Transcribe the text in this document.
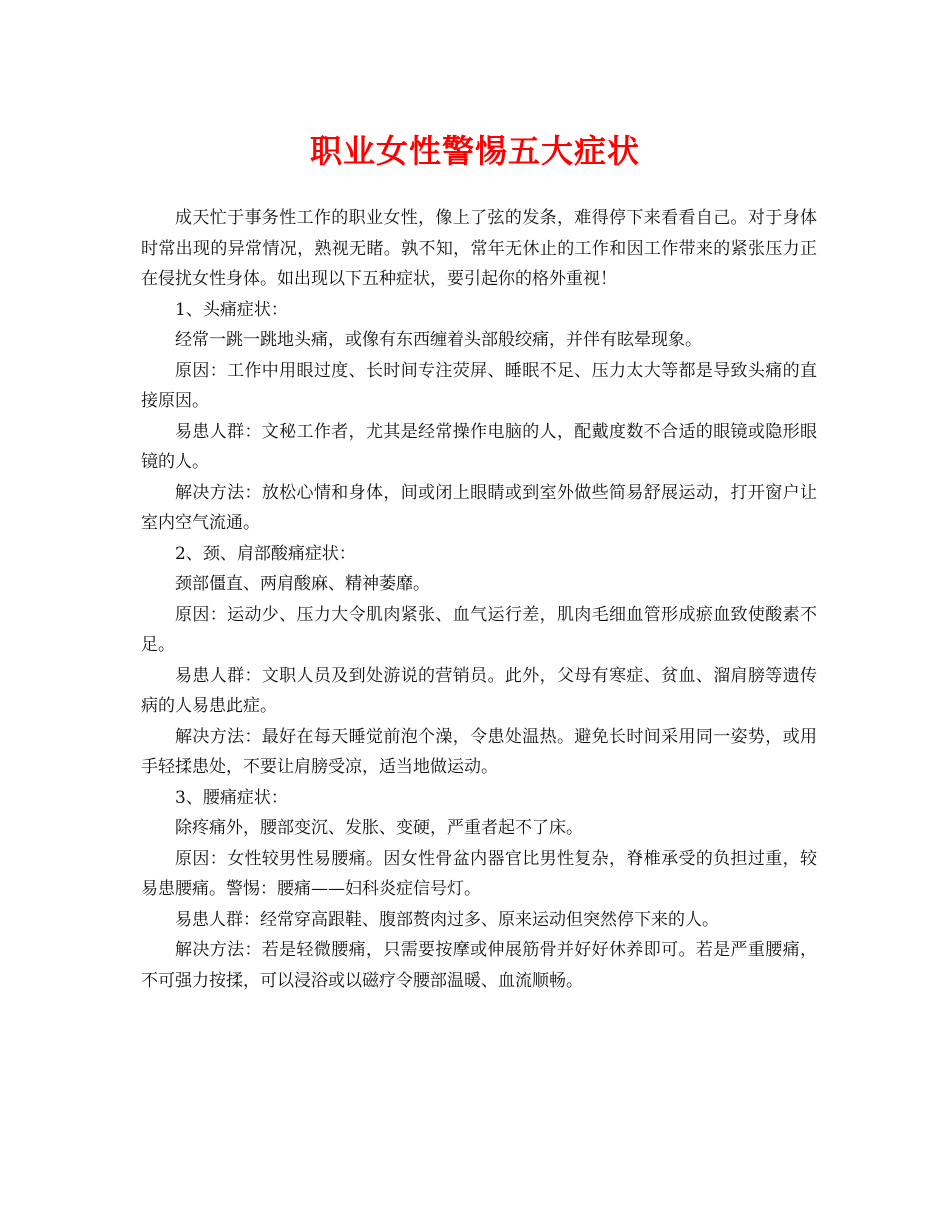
职业女性警惕五大症状

成天忙于事务性工作的职业女性，像上了弦的发条，难得停下来看看自己。对于身体时常出现的异常情况，熟视无睹。孰不知，常年无休止的工作和因工作带来的紧张压力正在侵扰女性身体。如出现以下五种症状，要引起你的格外重视！

1、头痛症状：

经常一跳一跳地头痛，或像有东西缠着头部般绞痛，并伴有眩晕现象。

原因：工作中用眼过度、长时间专注荧屏、睡眠不足、压力太大等都是导致头痛的直接原因。

易患人群：文秘工作者，尤其是经常操作电脑的人，配戴度数不合适的眼镜或隐形眼镜的人。

解决方法：放松心情和身体，间或闭上眼睛或到室外做些简易舒展运动，打开窗户让室内空气流通。

2、颈、肩部酸痛症状：

颈部僵直、两肩酸麻、精神萎靡。

原因：运动少、压力大令肌肉紧张、血气运行差，肌肉毛细血管形成瘀血致使酸素不足。

易患人群：文职人员及到处游说的营销员。此外，父母有寒症、贫血、溜肩膀等遗传病的人易患此症。

解决方法：最好在每天睡觉前泡个澡，令患处温热。避免长时间采用同一姿势，或用手轻揉患处，不要让肩膀受凉，适当地做运动。

3、腰痛症状：

除疼痛外，腰部变沉、发胀、变硬，严重者起不了床。

原因：女性较男性易腰痛。因女性骨盆内器官比男性复杂，脊椎承受的负担过重，较易患腰痛。警惕：腰痛——妇科炎症信号灯。

易患人群：经常穿高跟鞋、腹部赘肉过多、原来运动但突然停下来的人。

解决方法：若是轻微腰痛，只需要按摩或伸展筋骨并好好休养即可。若是严重腰痛，不可强力按揉，可以浸浴或以磁疗令腰部温暖、血流顺畅。
